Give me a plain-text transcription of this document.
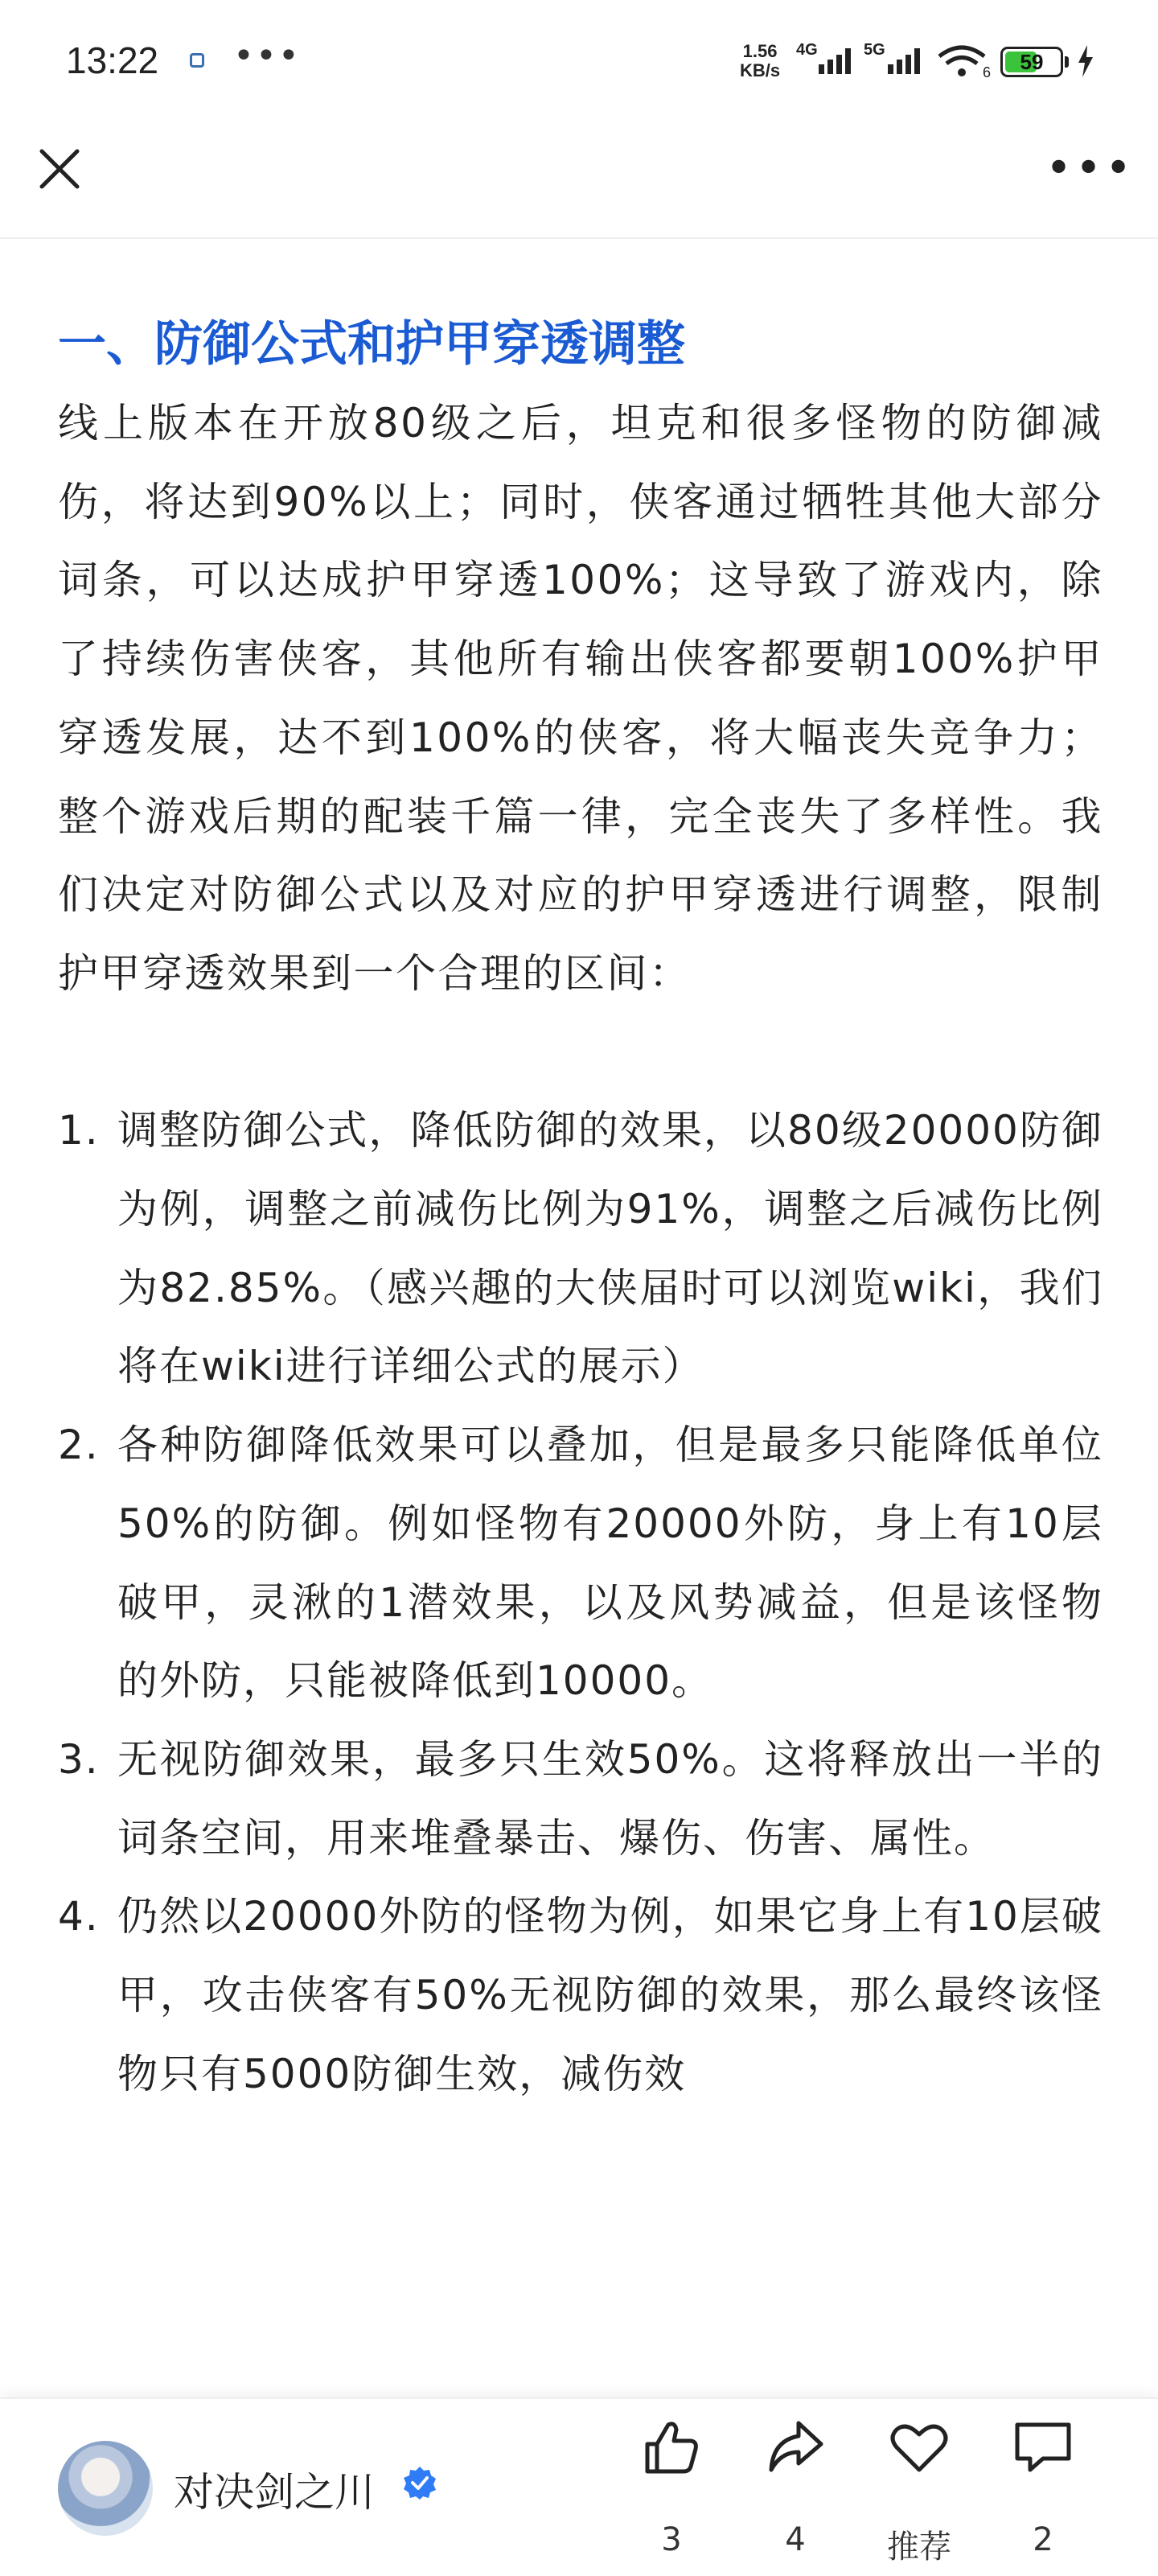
13:22 •••	1.56
KB/s
4G	5G
6	59
•••
一、防御公式和护甲穿透调整

线上版本在开放80级之后，坦克和很多怪物的防御减伤，将达到90%以上；同时，侠客通过牺牲其他大部分词条，可以达成护甲穿透100%；这导致了游戏内，除了持续伤害侠客，其他所有输出侠客都要朝100%护甲穿透发展，达不到100%的侠客，将大幅丧失竞争力；整个游戏后期的配装千篇一律，完全丧失了多样性。我们决定对防御公式以及对应的护甲穿透进行调整，限制护甲穿透效果到一个合理的区间：

1. 调整防御公式，降低防御的效果，以80级20000防御为例，调整之前减伤比例为91%，调整之后减伤比例为82.85%。（感兴趣的大侠届时可以浏览wiki，我们将在wiki进行详细公式的展示）
2. 各种防御降低效果可以叠加，但是最多只能降低单位50%的防御。例如怪物有20000外防，身上有10层破甲，灵湫的1潜效果，以及风势减益，但是该怪物的外防，只能被降低到10000。
3. 无视防御效果，最多只生效50%。这将释放出一半的词条空间，用来堆叠暴击、爆伤、伤害、属性。
4. 仍然以20000外防的怪物为例，如果它身上有10层破甲，攻击侠客有50%无视防御的效果，那么最终该怪物只有5000防御生效，减伤效
对决剑之川
3	4	推荐	2
